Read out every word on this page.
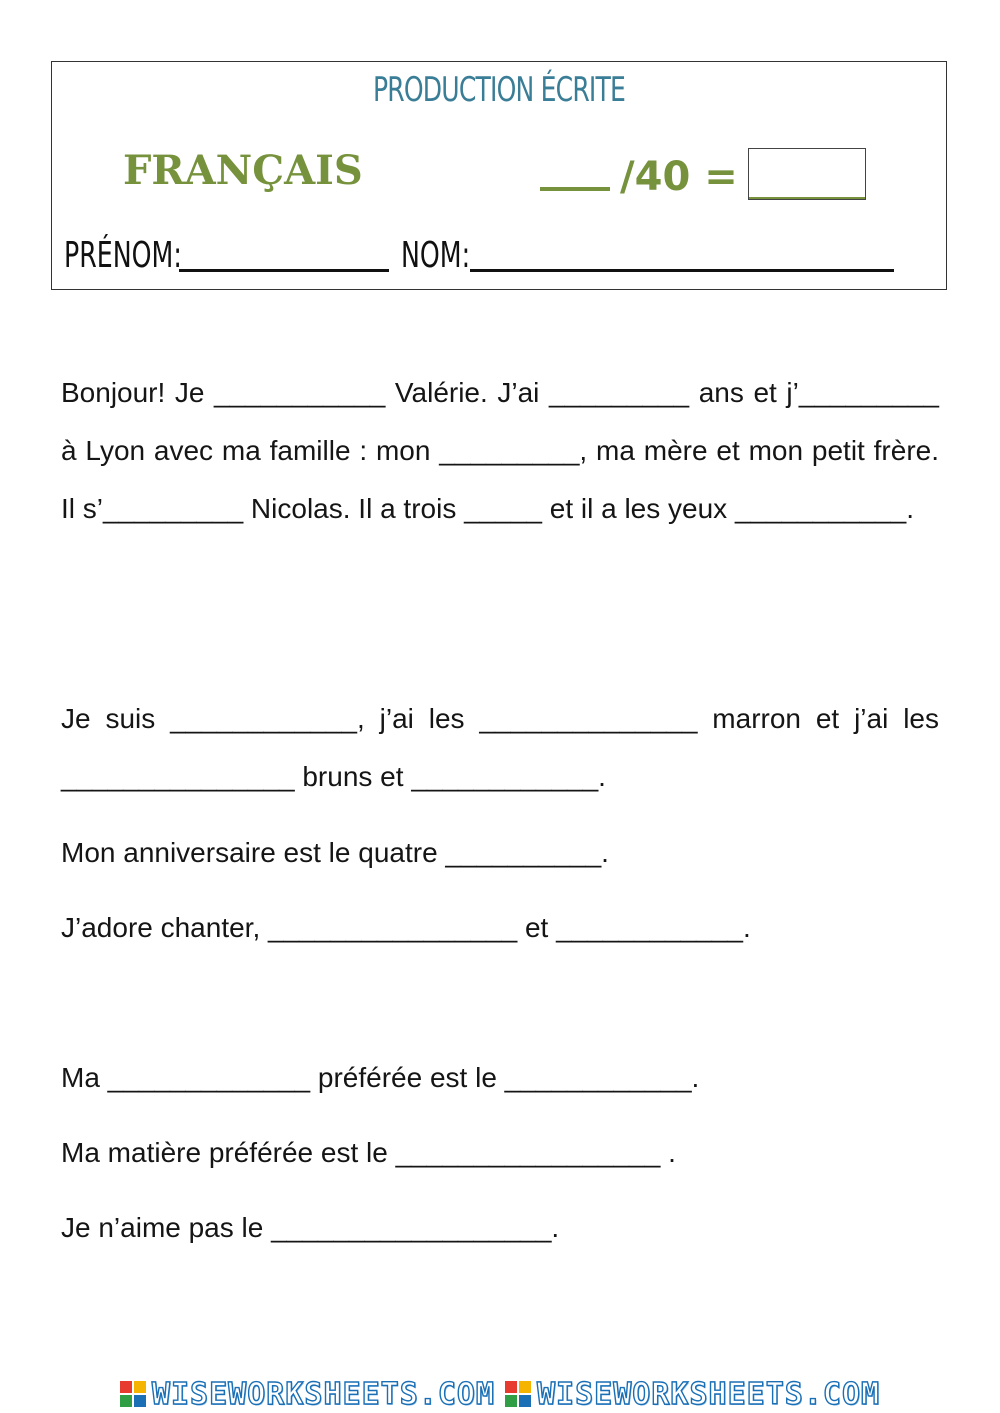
PRODUCTION ÉCRITE
FRANÇAIS	/40 =
PRÉNOM:	NOM:
Bonjour! Je ___________ Valérie. J’ai _________ ans et j’_________ à Lyon avec ma famille : mon _________, ma mère et mon petit frère. Il s’_________ Nicolas. Il a trois _____ et il a les yeux ___________.
Je suis ____________, j’ai les ______________ marron et j’ai les _______________ bruns et ____________.
Mon anniversaire est le quatre __________.
J’adore chanter, ________________ et ____________.
Ma _____________ préférée est le ____________.
Ma matière préférée est le _________________ .
Je n’aime pas le __________________.
WISEWORKSHEETS.COM WISEWORKSHEETS.COM
